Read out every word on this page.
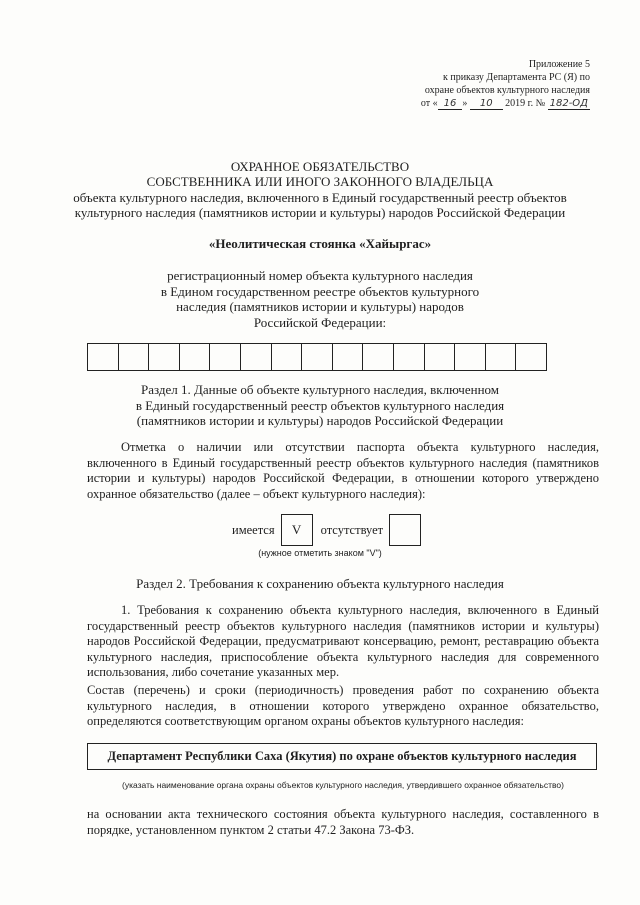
Приложение 5
к приказу Департамента РС (Я) по
охране объектов культурного наследия
от « 16 » 10 2019 г. № 182-ОД
ОХРАННОЕ ОБЯЗАТЕЛЬСТВО
СОБСТВЕННИКА ИЛИ ИНОГО ЗАКОННОГО ВЛАДЕЛЬЦА
объекта культурного наследия, включенного в Единый государственный реестр объектов
культурного наследия (памятников истории и культуры) народов Российской Федерации
«Неолитическая стоянка «Хайыргас»
регистрационный номер объекта культурного наследия
в Едином государственном реестре объектов культурного
наследия (памятников истории и культуры) народов
Российской Федерации:
Раздел 1. Данные об объекте культурного наследия, включенном
в Единый государственный реестр объектов культурного наследия
(памятников истории и культуры) народов Российской Федерации
Отметка о наличии или отсутствии паспорта объекта культурного наследия, включенного в Единый государственный реестр объектов культурного наследия (памятников истории и культуры) народов Российской Федерации, в отношении которого утверждено охранное обязательство (далее – объект культурного наследия):
имеется	V	отсутствует
(нужное отметить знаком "V")
Раздел 2. Требования к сохранению объекта культурного наследия
1. Требования к сохранению объекта культурного наследия, включенного в Единый государственный реестр объектов культурного наследия (памятников истории и культуры) народов Российской Федерации, предусматривают консервацию, ремонт, реставрацию объекта культурного наследия, приспособление объекта культурного наследия для современного использования, либо сочетание указанных мер.
Состав (перечень) и сроки (периодичность) проведения работ по сохранению объекта культурного наследия, в отношении которого утверждено охранное обязательство, определяются соответствующим органом охраны объектов культурного наследия:
Департамент Республики Саха (Якутия) по охране объектов культурного наследия
(указать наименование органа охраны объектов культурного наследия, утвердившего охранное обязательство)
на основании акта технического состояния объекта культурного наследия, составленного в порядке, установленном пунктом 2 статьи 47.2 Закона 73-ФЗ.
